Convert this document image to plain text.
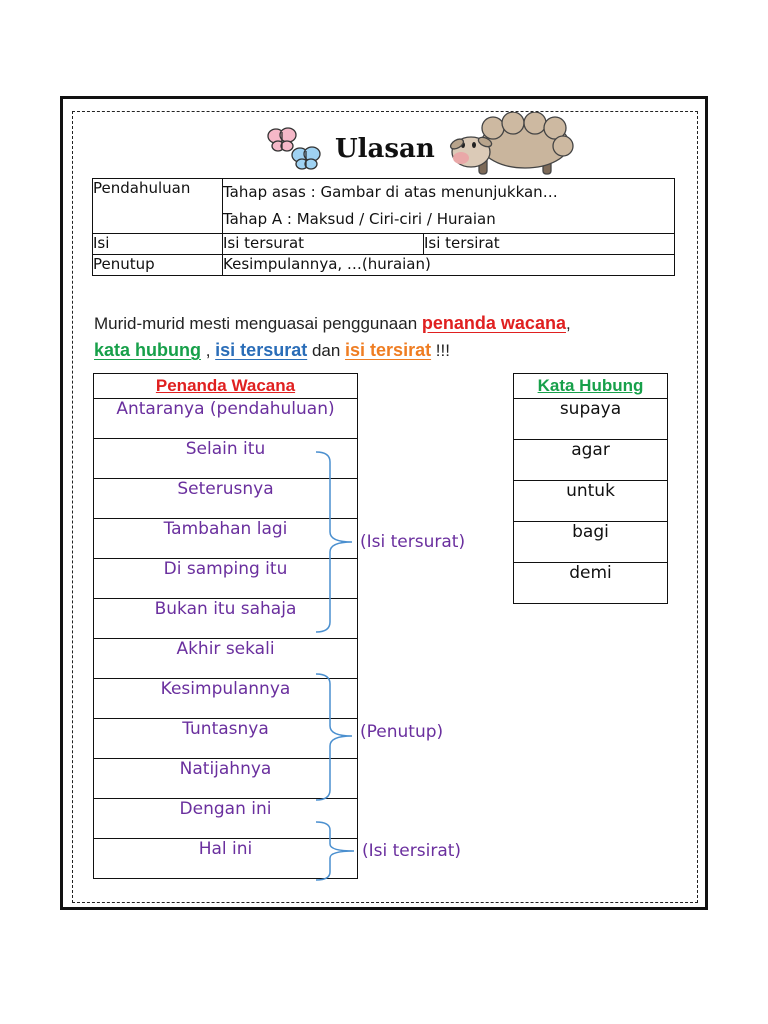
Ulasan
Pendahuluan	Tahap asas : Gambar di atas menunjukkan…
Tahap A : Maksud / Ciri-ciri / Huraian	

Isi	Isi tersurat	Isi tersirat
Penutup	Kesimpulannya, …(huraian)	
Murid-murid mesti menguasai penggunaan penanda wacana,
kata hubung , isi tersurat dan isi tersirat !!!
Penanda Wacana
Antaranya (pendahuluan)
Selain itu
Seterusnya
Tambahan lagi
Di samping itu
Bukan itu sahaja
Akhir sekali
Kesimpulannya
Tuntasnya
Natijahnya
Dengan ini
Hal ini
(Isi tersurat)
(Penutup)
(Isi tersirat)
Kata Hubung
supaya
agar
untuk
bagi
demi
